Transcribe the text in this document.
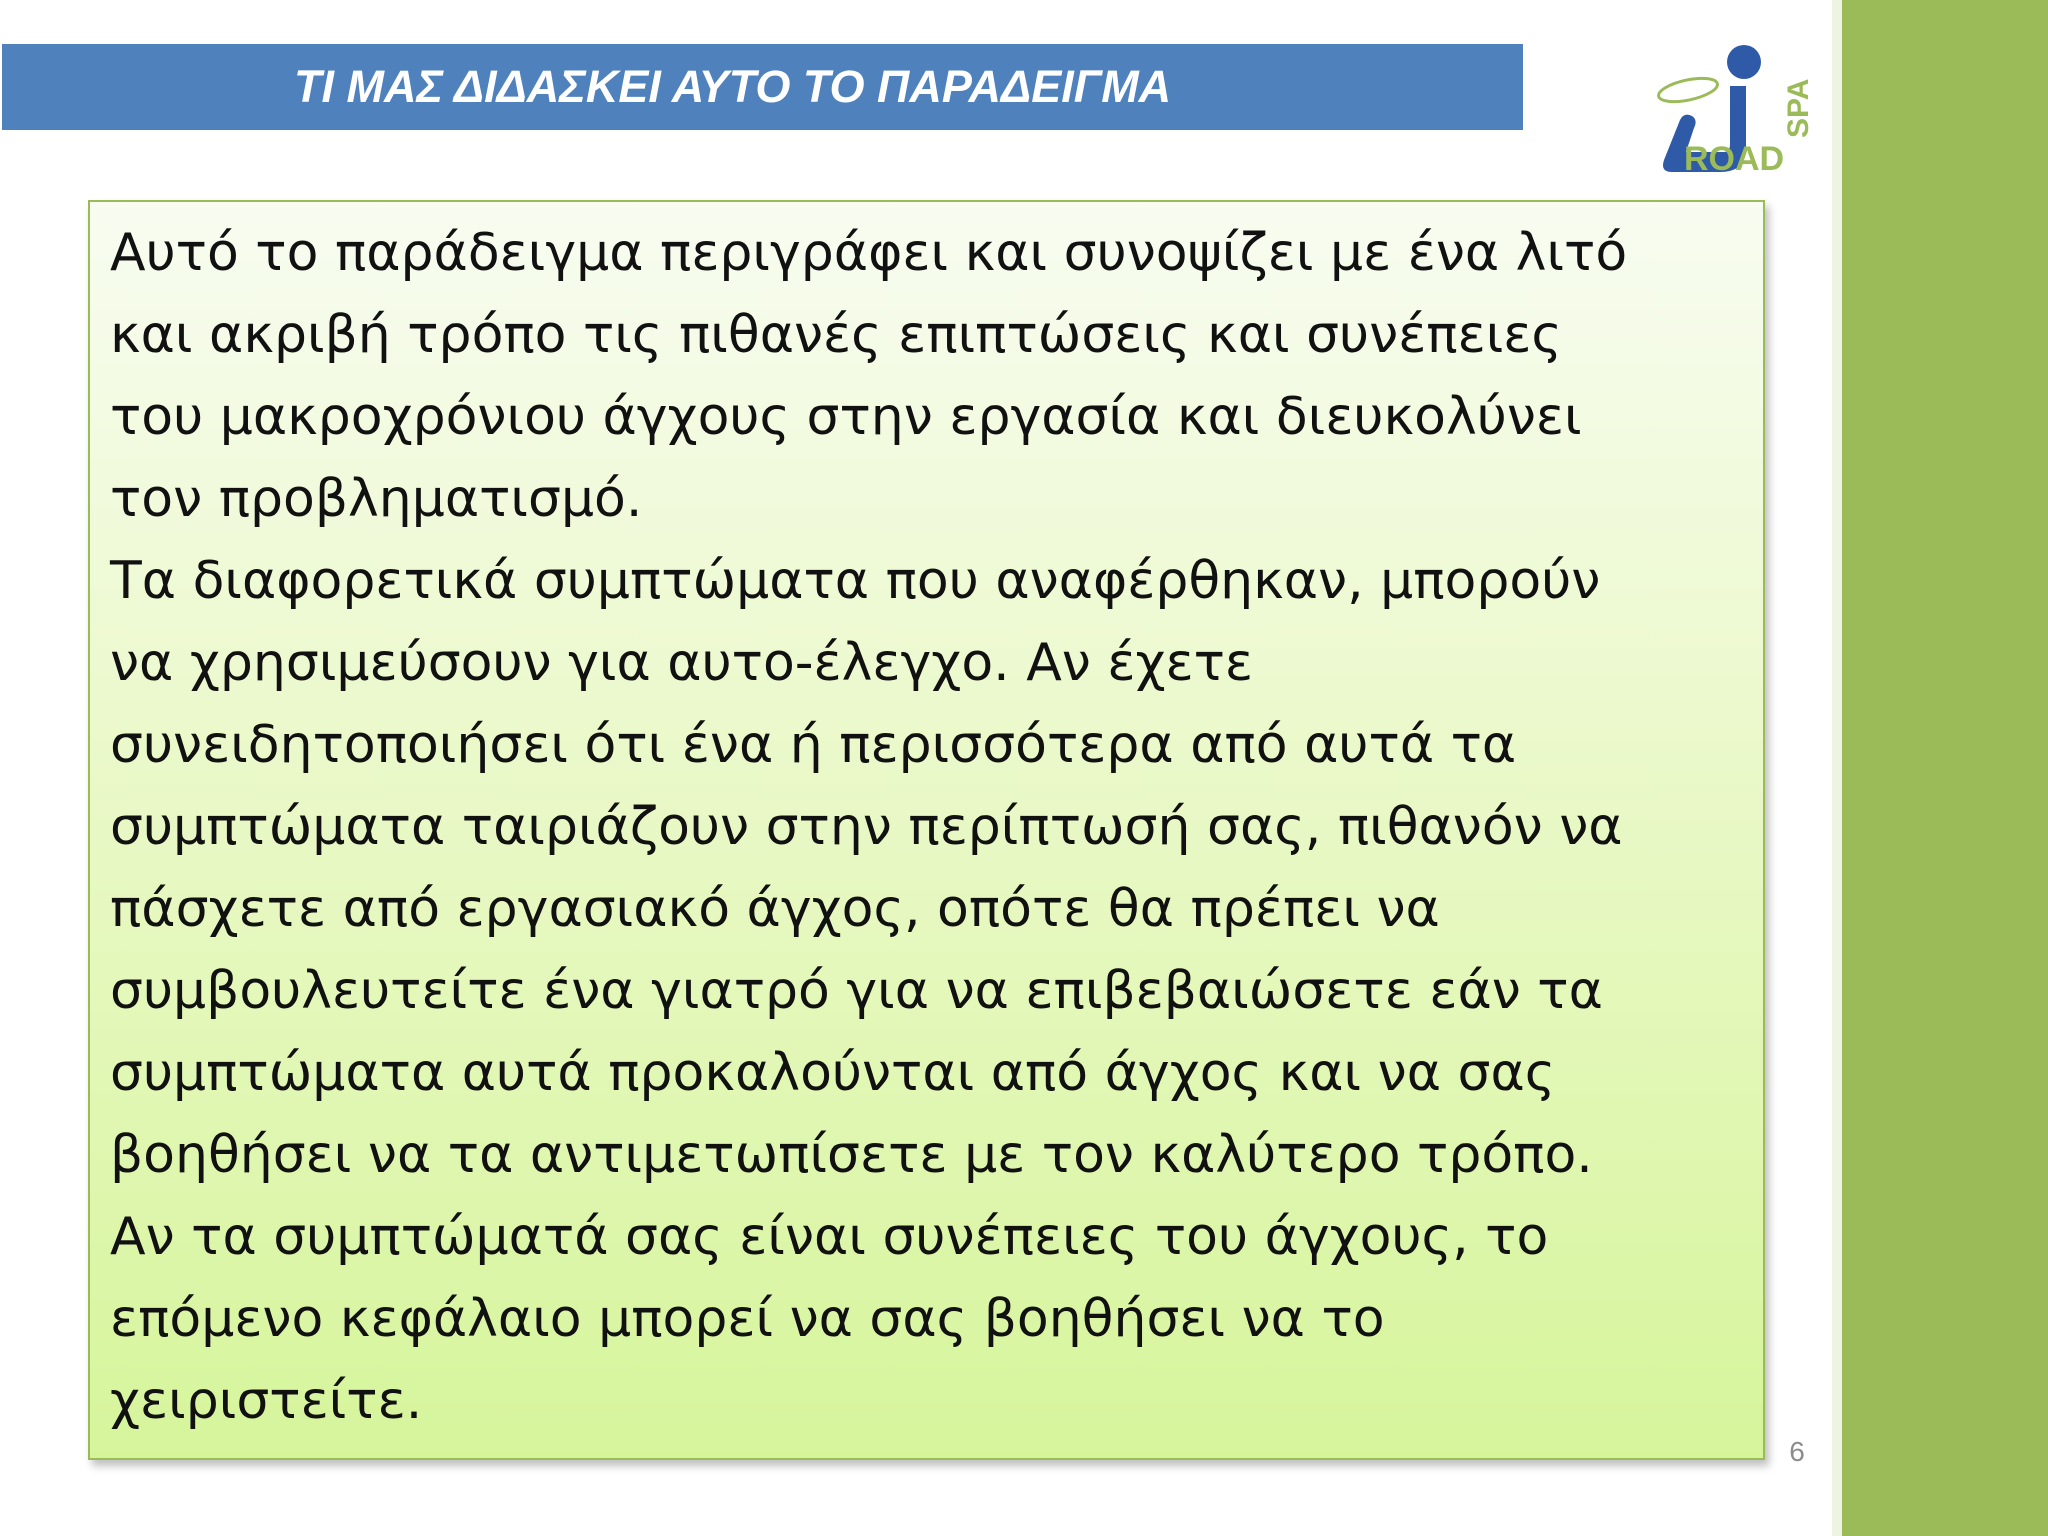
ΤΙ ΜΑΣ ΔΙΔΑΣΚΕΙ ΑΥΤΟ ΤΟ ΠΑΡΑΔΕΙΓΜΑ
ROAD
SPA

Αυτό το παράδειγμα περιγράφει και συνοψίζει με ένα λιτό
και ακριβή τρόπο τις πιθανές επιπτώσεις και συνέπειες
του μακροχρόνιου άγχους στην εργασία και διευκολύνει
τον προβληματισμό.
Τα διαφορετικά συμπτώματα που αναφέρθηκαν, μπορούν
να χρησιμεύσουν για αυτο-έλεγχο. Αν έχετε
συνειδητοποιήσει ότι ένα ή περισσότερα από αυτά τα
συμπτώματα ταιριάζουν στην περίπτωσή σας, πιθανόν να
πάσχετε από εργασιακό άγχος, οπότε θα πρέπει να
συμβουλευτείτε ένα γιατρό για να επιβεβαιώσετε εάν τα
συμπτώματα αυτά προκαλούνται από άγχος και να σας
βοηθήσει να τα αντιμετωπίσετε με τον καλύτερο τρόπο.
Αν τα συμπτώματά σας είναι συνέπειες του άγχους, το
επόμενο κεφάλαιο μπορεί να σας βοηθήσει να το
χειριστείτε.

6
